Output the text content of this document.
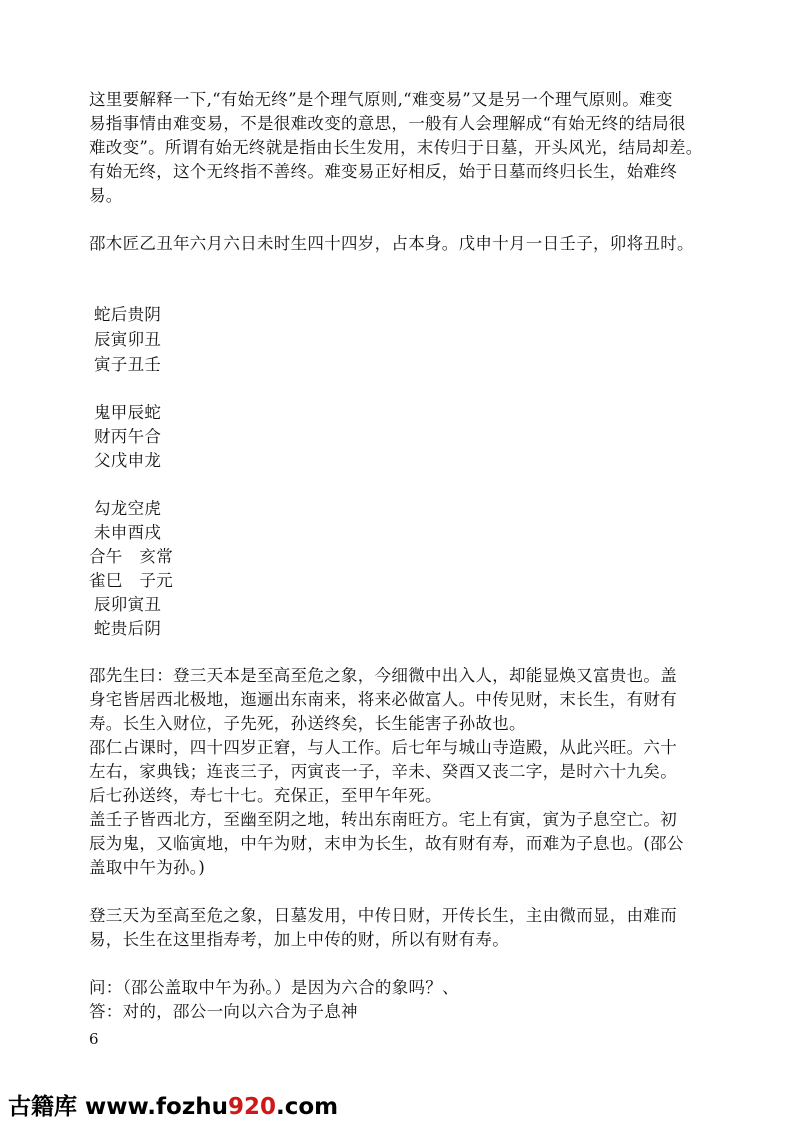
这里要解释一下,“有始无终”是个理气原则,“难变易”又是另一个理气原则。难变
易指事情由难变易，不是很难改变的意思，一般有人会理解成“有始无终的结局很
难改变”。所谓有始无终就是指由长生发用，末传归于日墓，开头风光，结局却差。
有始无终，这个无终指不善终。难变易正好相反，始于日墓而终归长生，始难终
易。
邵木匠乙丑年六月六日未时生四十四岁，占本身。戊申十月一日壬子，卯将丑时。
蛇后贵阴
辰寅卯丑
寅子丑壬
鬼甲辰蛇
财丙午合
父戊申龙
勾龙空虎
未申酉戌
合午　亥常
雀巳　子元
辰卯寅丑
蛇贵后阴
邵先生曰：登三天本是至高至危之象，今细微中出入人，却能显焕又富贵也。盖
身宅皆居西北极地，迤逦出东南来，将来必做富人。中传见财，末长生，有财有
寿。长生入财位，子先死，孙送终矣，长生能害子孙故也。
邵仁占课时，四十四岁正窘，与人工作。后七年与城山寺造殿，从此兴旺。六十
左右，家典钱；连丧三子，丙寅丧一子，辛未、癸酉又丧二字，是时六十九矣。
后七孙送终，寿七十七。充保正，至甲午年死。
盖壬子皆西北方，至幽至阴之地，转出东南旺方。宅上有寅，寅为子息空亡。初
辰为鬼，又临寅地，中午为财，末申为长生，故有财有寿，而难为子息也。(邵公
盖取中午为孙。)
登三天为至高至危之象，日墓发用，中传日财，开传长生，主由微而显，由难而
易，长生在这里指寿考，加上中传的财，所以有财有寿。
问：（邵公盖取中午为孙。）是因为六合的象吗？、
答：对的，邵公一向以六合为子息神
6
古籍库 www.fozhu920.com
